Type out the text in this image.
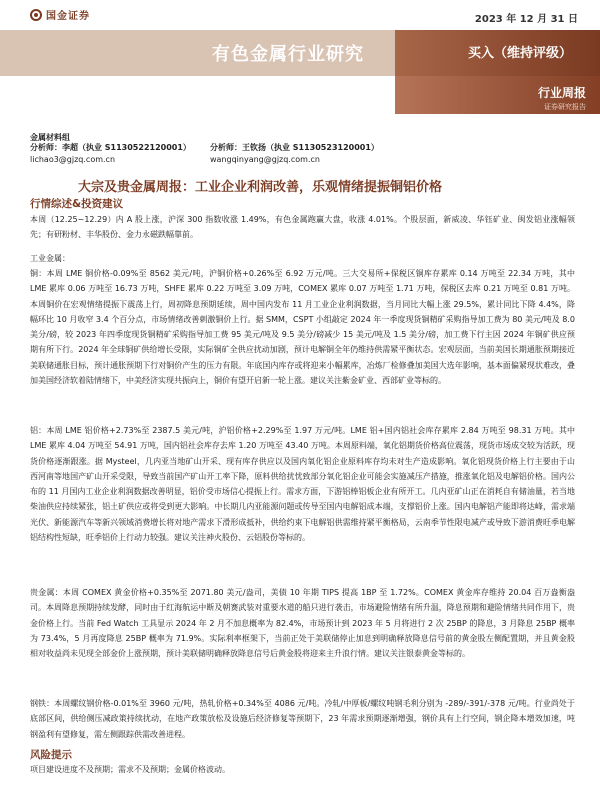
国金证券	2023 年 12 月 31 日
有色金属行业研究	买入（维持评级）
行业周报
证券研究报告
金属材料组
分析师：李超（执业 S1130522120001）
lichao3@gjzq.com.cn
分析师：王钦扬（执业 S1130523120001）
wangqinyang@gjzq.com.cn
大宗及贵金属周报：工业企业利润改善，乐观情绪提振铜铝价格
行情综述&投资建议
本周（12.25~12.29）内 A 股上涨，沪深 300 指数收涨 1.49%，有色金属跑赢大盘，收涨 4.01%。个股层面，新威凌、华钰矿业、闽发铝业涨幅领先；有研粉材、丰华股份、金力永磁跌幅靠前。
工业金属：
铜：本周 LME 铜价格-0.09%至 8562 美元/吨，沪铜价格+0.26%至 6.92 万元/吨。三大交易所+保税区铜库存累库 0.14 万吨至 22.34 万吨，其中 LME 累库 0.06 万吨至 16.73 万吨，SHFE 累库 0.22 万吨至 3.09 万吨，COMEX 累库 0.07 万吨至 1.71 万吨，保税区去库 0.21 万吨至 0.81 万吨。本周铜价在宏观情绪提振下震荡上行，周初降息预期延续，周中国内发布 11 月工业企业利润数据，当月同比大幅上涨 29.5%，累计同比下降 4.4%，降幅环比 10 月收窄 3.4 个百分点，市场情绪改善刺激铜价上行。据 SMM，CSPT 小组敲定 2024 年一季度现货铜精矿采购指导加工费为 80 美元/吨及 8.0 美分/磅，较 2023 年四季度现货铜精矿采购指导加工费 95 美元/吨及 9.5 美分/磅减少 15 美元/吨及 1.5 美分/磅，加工费下行主因 2024 年铜矿供应预期有所下行。2024 年全球铜矿供给增长受限，实际铜矿全供应扰动加剧，预计电解铜全年仍维持供需紧平衡状态。宏观层面，当前美国长期通胀预期接近美联储通胀目标，预计通胀预期下行对铜价产生的压力有限。年底国内库存或将迎来小幅累库，冶炼厂检修叠加美国大选年影响，基本面偏紧现状难改，叠加美国经济软着陆情绪下，中美经济实现共振向上，铜价有望开启新一轮上涨。建议关注紫金矿业、西部矿业等标的。
铝：本周 LME 铝价格+2.73%至 2387.5 美元/吨，沪铝价格+2.29%至 1.97 万元/吨。LME 铝+国内铝社会库存累库 2.84 万吨至 98.31 万吨。其中 LME 累库 4.04 万吨至 54.91 万吨，国内铝社会库存去库 1.20 万吨至 43.40 万吨。本周原料端，氧化铝期货价格高位震荡，现货市场成交较为活跃，现货价格逐渐跟涨。据 Mysteel，几内亚当地矿山开采、现有库存供应以及国内氧化铝企业原料库存均未对生产造成影响。氧化铝现货价格上行主要由于山西河南等地国产矿山开采受限，导致当前国产矿山开工率下降，原料供给扰忧致部分氧化铝企业可能会实施减压产措施，推涨氧化铝及电解铝价格。国内公布的 11 月国内工业企业利润数据改善明显，铝价受市场信心提振上行。需求方面，下游铝棒铝板企业有所开工。几内亚矿山正在消耗自有储油量，若当地柴油供应持续紧张，铝土矿供应或将受到更大影响。中长期几内亚能源问题或传导至国内电解铝成本端，支撑铝价上涨。国内电解铝产能即将达峰，需求端光伏、新能源汽车等新兴领域消费增长将对地产需求下滑形成抵补，供给约束下电解铝供需维持紧平衡格局，云南季节性限电减产或导致下游消费旺季电解铝结构性短缺，旺季铝价上行动力较强。建议关注神火股份、云铝股份等标的。
贵金属：本周 COMEX 黄金价格+0.35%至 2071.80 美元/盎司，美债 10 年期 TIPS 提高 1BP 至 1.72%。COMEX 黄金库存维持 20.04 百万盎衡盎司。本周降息预期持续发酵，同时由于红海航运中断及朝赛武装对重要水道的船只进行袭击，市场避险情绪有所升温，降息预期和避险情绪共同作用下，贵金价格上行。当前 Fed Watch 工具显示 2024 年 2 月不加息概率为 82.4%，市场预计到 2023 年 5 月将进行 2 次 25BP 的降息，3 月降息 25BP 概率为 73.4%，5 月再度降息 25BP 概率为 71.9%。实际利率框架下，当前正处于美联储停止加息到明确释放降息信号前的黄金股左侧配置期，并且黄金股相对收益尚未见现全部金价上涨预期，预计美联储明确释放降息信号后黄金股将迎来主升浪行情。建议关注银泰黄金等标的。
钢铁：本周螺纹钢价格-0.01%至 3960 元/吨，热轧价格+0.34%至 4086 元/吨。冷轧/中厚板/螺纹吨钢毛利分别为 -289/-391/-378 元/吨。行业尚处于底部区间，供给侧压减政策持续扰动，在地产政策放松及设施后经济修复等预期下，23 年需求预期逐渐增强，钢价具有上行空间，钢企降本增效加速，吨钢盈利有望修复，需左侧跟踪供需改善进程。
风险提示
项目建设进度不及预期；需求不及预期；金属价格波动。
